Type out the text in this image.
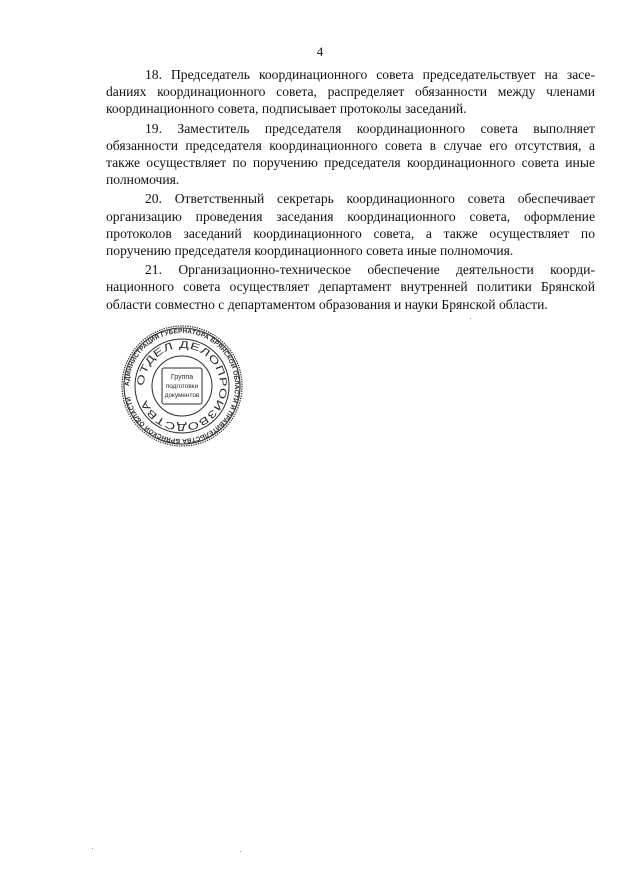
4

18. Председатель координационного совета председательствует на засеdаниях координационного совета, распределяет обязанности между членами координационного совета, подписывает протоколы заседаний.

19. Заместитель председателя координационного совета выполняет обязанности председателя координационного совета в случае его отсутствия, а также осуществляет по поручению председателя координационного совета иные полномочия.

20. Ответственный секретарь координационного совета обеспечивает организацию проведения заседания координационного совета, оформление протоколов заседаний координационного совета, а также осуществляет по поручению председателя координационного совета иные полномочия.

21. Организационно-техническое обеспечение деятельности координационного совета осуществляет департамент внутренней политики Брянской области совместно с департаментом образования и науки Брянской области.

АДМИНИСТРАЦИЯ ГУБЕРНАТОРА БРЯНСКОЙ ОБЛАСТИ И ПРАВИТЕЛЬСТВА БРЯНСКОЙ ОБЛАСТИ
ОТДЕЛ ДЕЛОПРОИЗВОДСТВА
Группа
подготовки
документов
